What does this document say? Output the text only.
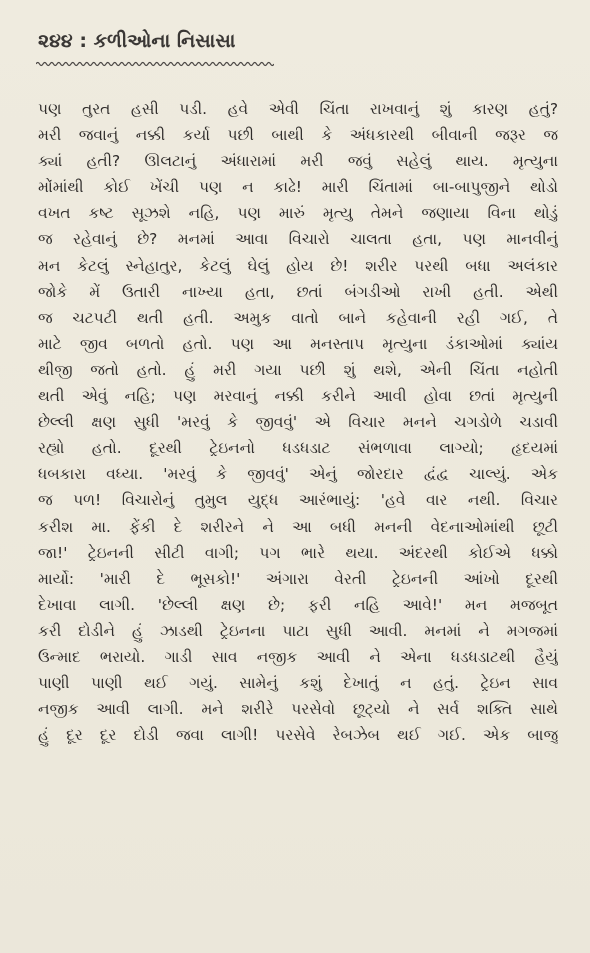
૨૪૪ : કળીઓના નિસાસા
પણ તુરત હસી પડી. હવે એવી ચિંતા રાખવાનું શું કારણ હતું?
મરી જવાનું નક્કી કર્યા પછી બાથી કે અંધકારથી બીવાની જરૂર જ
ક્યાં હતી? ઊલટાનું અંધારામાં મરી જવું સહેલું થાય. મૃત્યુના
મોંમાંથી કોઈ ખેંચી પણ ન કાઢે! મારી ચિંતામાં બા-બાપુજીને થોડો
વખત કષ્ટ સૂઝશે નહિ, પણ મારું મૃત્યુ તેમને જણાયા વિના થોડું
જ રહેવાનું છે? મનમાં આવા વિચારો ચાલતા હતા, પણ માનવીનું
મન કેટલું સ્નેહાતુર, કેટલું ઘેલું હોય છે! શરીર પરથી બધા અલંકાર
જોકે મેં ઉતારી નાખ્યા હતા, છતાં બંગડીઓ રાખી હતી. એથી
જ ચટપટી થતી હતી. અમુક વાતો બાને કહેવાની રહી ગઈ, તે
માટે જીવ બળતો હતો. પણ આ મનસ્તાપ મૃત્યુના ડંકાઓમાં ક્યાંય
થીજી જતો હતો. હું મરી ગયા પછી શું થશે, એની ચિંતા નહોતી
થતી એવું નહિ; પણ મરવાનું નક્કી કરીને આવી હોવા છતાં મૃત્યુની
છેલ્લી ક્ષણ સુધી 'મરવું કે જીવવું' એ વિચાર મનને ચગડોળે ચડાવી
રહ્યો હતો. દૂરથી ટ્રેઇનનો ધડધડાટ સંભળાવા લાગ્યો; હૃદયમાં
ધબકારા વધ્યા. 'મરવું કે જીવવું' એનું જોરદાર દ્વંદ્વ ચાલ્યું. એક
જ પળ! વિચારોનું તુમુલ યુદ્ધ આરંભાયું: 'હવે વાર નથી. વિચાર
કરીશ મા. ફેંકી દે શરીરને ને આ બધી મનની વેદનાઓમાંથી છૂટી
જા!' ટ્રેઇનની સીટી વાગી; પગ ભારે થયા. અંદરથી કોઈએ ધક્કો
માર્યો: 'મારી દે ભૂસકો!' અંગારા વેરતી ટ્રેઇનની આંખો દૂરથી
દેખાવા લાગી. 'છેલ્લી ક્ષણ છે; ફરી નહિ આવે!' મન મજબૂત
કરી દોડીને હું ઝાડથી ટ્રેઇનના પાટા સુધી આવી. મનમાં ને મગજમાં
ઉન્માદ ભરાયો. ગાડી સાવ નજીક આવી ને એના ધડધડાટથી હૈયું
પાણી પાણી થઈ ગયું. સામેનું કશું દેખાતું ન હતું. ટ્રેઇન સાવ
નજીક આવી લાગી. મને શરીરે પરસેવો છૂટ્યો ને સર્વ શક્તિ સાથે
હું દૂર દૂર દોડી જવા લાગી! પરસેવે રેબઝેબ થઈ ગઈ. એક બાજુ
